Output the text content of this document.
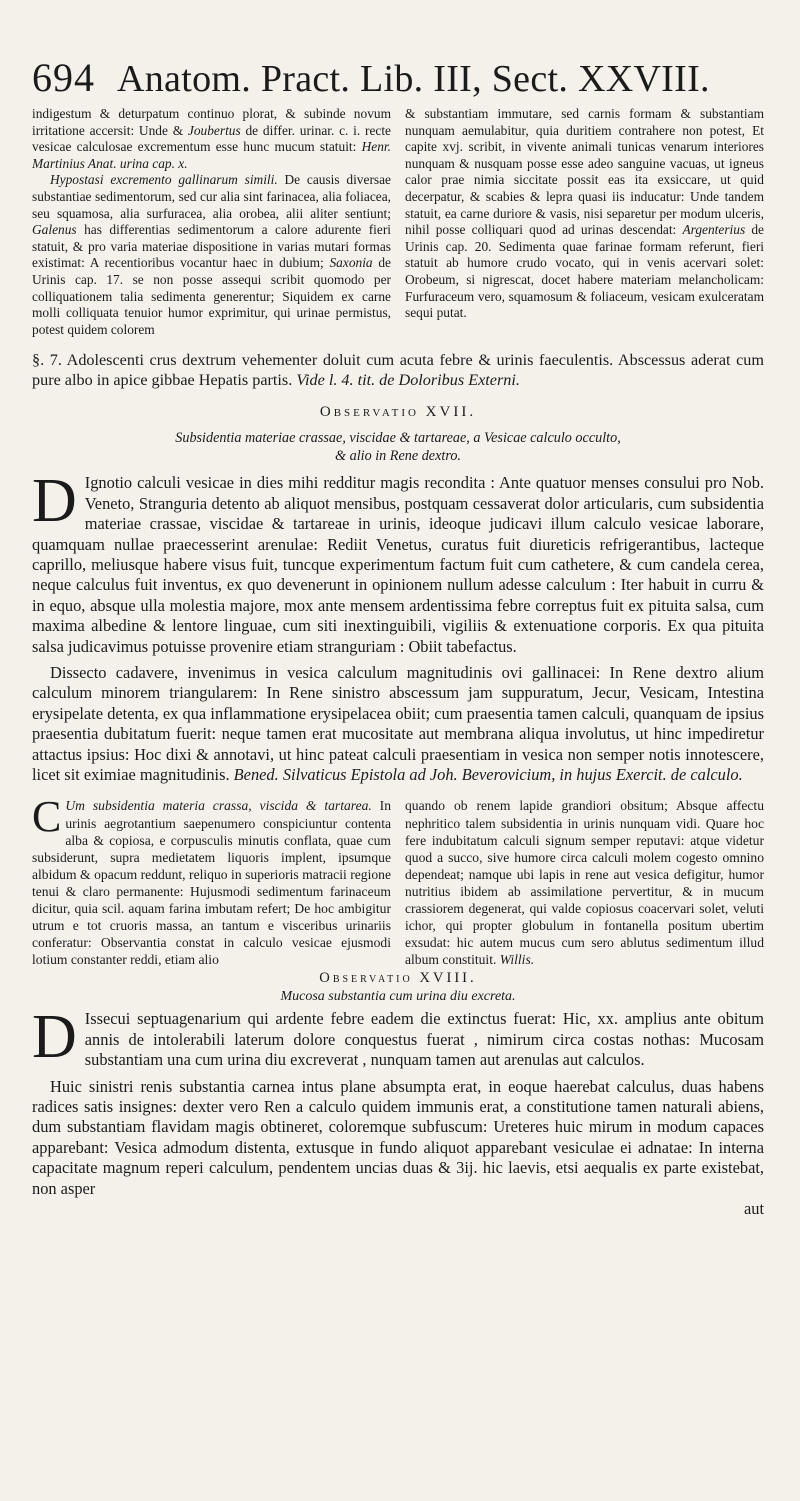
694 Anatom. Pract. Lib. III, Sect. XXVIII.

indigestum & deturpatum continuo plorat, & subinde novum irritatione accersit: Unde & Joubertus de differ. urinar. c. i. recte vesicae calculosae excrementum esse hunc mucum statuit: Henr. Martinius Anat. urina cap. x.

Hypostasi excremento gallinarum simili. De causis diversae substantiae sedimentorum, sed cur alia sint farinacea, alia foliacea, seu squamosa, alia surfuracea, alia orobea, alii aliter sentiunt; Galenus has differentias sedimentorum a calore adurente fieri statuit, & pro varia materiae dispositione in varias mutari formas existimat: A recentioribus vocantur haec in dubium; Saxonia de Urinis cap. 17. se non posse assequi scribit quomodo per colliquationem talia sedimenta generentur; Siquidem ex carne molli colliquata tenuior humor exprimitur, qui urinae permistus, potest quidem colorem

& substantiam immutare, sed carnis formam & substantiam nunquam aemulabitur, quia duritiem contrahere non potest, Et capite xvj. scribit, in vivente animali tunicas venarum interiores nunquam & nusquam posse esse adeo sanguine vacuas, ut igneus calor prae nimia siccitate possit eas ita exsiccare, ut quid decerpatur, & scabies & lepra quasi iis inducatur: Unde tandem statuit, ea carne duriore & vasis, nisi separetur per modum ulceris, nihil posse colliquari quod ad urinas descendat: Argenterius de Urinis cap. 20. Sedimenta quae farinae formam referunt, fieri statuit ab humore crudo vocato, qui in venis acervari solet: Orobeum, si nigrescat, docet habere materiam melancholicam: Furfuraceum vero, squamosum & foliaceum, vesicam exulceratam sequi putat.

§. 7. Adolescenti crus dextrum vehementer doluit cum acuta febre & urinis faeculentis. Abscessus aderat cum pure albo in apice gibbae Hepatis partis. Vide l. 4. tit. de Doloribus Externi.

Observatio XVII.
Subsidentia materiae crassae, viscidae & tartareae, a Vesicae calculo occulto,
& alio in Rene dextro.

D Ignotio calculi vesicae in dies mihi redditur magis recondita : Ante quatuor menses consului pro Nob. Veneto, Stranguria detento ab aliquot mensibus, postquam cessaverat dolor articularis, cum subsidentia materiae crassae, viscidae & tartareae in urinis, ideoque judicavi illum calculo vesicae laborare, quamquam nullae praecesserint arenulae: Rediit Venetus, curatus fuit diureticis refrigerantibus, lacteque caprillo, meliusque habere visus fuit, tuncque experimentum factum fuit cum cathetere, & cum candela cerea, neque calculus fuit inventus, ex quo devenerunt in opinionem nullum adesse calculum : Iter habuit in curru & in equo, absque ulla molestia majore, mox ante mensem ardentissima febre correptus fuit ex pituita salsa, cum maxima albedine & lentore linguae, cum siti inextinguibili, vigiliis & extenuatione corporis. Ex qua pituita salsa judicavimus potuisse provenire etiam stranguriam : Obiit tabefactus.

Dissecto cadavere, invenimus in vesica calculum magnitudinis ovi gallinacei: In Rene dextro alium calculum minorem triangularem: In Rene sinistro abscessum jam suppuratum, Jecur, Vesicam, Intestina erysipelate detenta, ex qua inflammatione erysipelacea obiit; cum praesentia tamen calculi, quanquam de ipsius praesentia dubitatum fuerit: neque tamen erat mucositate aut membrana aliqua involutus, ut hinc impediretur attactus ipsius: Hoc dixi & annotavi, ut hinc pateat calculi praesentiam in vesica non semper notis innotescere, licet sit eximiae magnitudinis. Bened. Silvaticus Epistola ad Joh. Beverovicium, in hujus Exercit. de calculo.

C Um subsidentia materia crassa, viscida & tartarea. In urinis aegrotantium saepenumero conspiciuntur contenta alba & copiosa, e corpusculis minutis conflata, quae cum subsiderunt, supra medietatem liquoris implent, ipsumque albidum & opacum reddunt, reliquo in superioris matracii regione tenui & claro permanente: Hujusmodi sedimentum farinaceum dicitur, quia scil. aquam farina imbutam refert; De hoc ambigitur utrum e tot cruoris massa, an tantum e visceribus urinariis conferatur: Observantia constat in calculo vesicae ejusmodi lotium constanter reddi, etiam alio

quando ob renem lapide grandiori obsitum; Absque affectu nephritico talem subsidentia in urinis nunquam vidi. Quare hoc fere indubitatum calculi signum semper reputavi: atque videtur quod a succo, sive humore circa calculi molem cogesto omnino dependeat; namque ubi lapis in rene aut vesica defigitur, humor nutritius ibidem ab assimilatione pervertitur, & in mucum crassiorem degenerat, qui valde copiosus coacervari solet, veluti ichor, qui propter globulum in fontanella positum ubertim exsudat: hic autem mucus cum sero ablutus sedimentum illud album constituit. Willis.

Observatio XVIII.
Mucosa substantia cum urina diu excreta.

D Issecui septuagenarium qui ardente febre eadem die extinctus fuerat: Hic, xx. amplius ante obitum annis de intolerabili laterum dolore conquestus fuerat , nimirum circa costas nothas: Mucosam substantiam una cum urina diu excreverat , nunquam tamen aut arenulas aut calculos.

Huic sinistri renis substantia carnea intus plane absumpta erat, in eoque haerebat calculus, duas habens radices satis insignes: dexter vero Ren a calculo quidem immunis erat, a constitutione tamen naturali abiens, dum substantiam flavidam magis obtineret, coloremque subfuscum: Ureteres huic mirum in modum capaces apparebant: Vesica admodum distenta, extusque in fundo aliquot apparebant vesiculae ei adnatae: In interna capacitate magnum reperi calculum, pendentem uncias duas & 3ij. hic laevis, etsi aequalis ex parte existebat, non asper

aut
